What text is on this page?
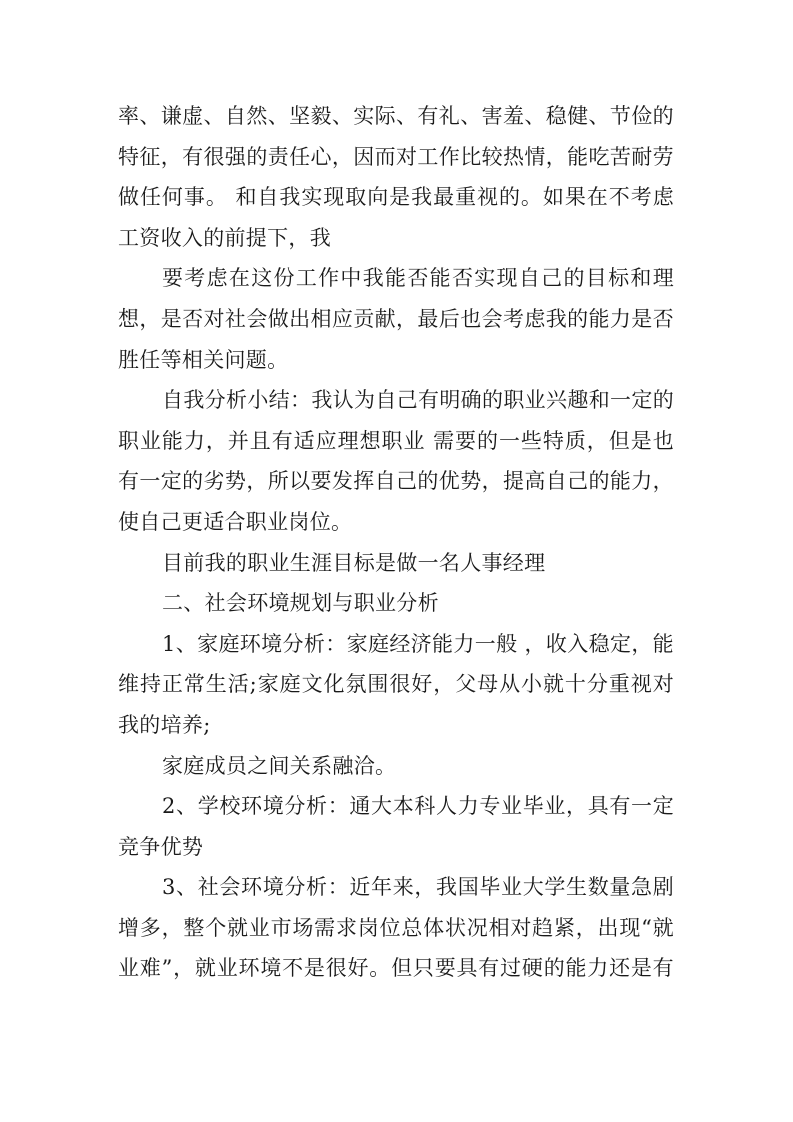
率、谦虚、自然、坚毅、实际、有礼、害羞、稳健、节俭的
特征，有很强的责任心，因而对工作比较热情，能吃苦耐劳
做任何事。 和自我实现取向是我最重视的。如果在不考虑
工资收入的前提下，我
要考虑在这份工作中我能否能否实现自己的目标和理
想，是否对社会做出相应贡献，最后也会考虑我的能力是否
胜任等相关问题。
自我分析小结：我认为自己有明确的职业兴趣和一定的
职业能力，并且有适应理想职业 需要的一些特质，但是也
有一定的劣势，所以要发挥自己的优势，提高自己的能力，
使自己更适合职业岗位。
目前我的职业生涯目标是做一名人事经理
二、社会环境规划与职业分析
1、家庭环境分析：家庭经济能力一般 ，收入稳定，能
维持正常生活;家庭文化氛围很好，父母从小就十分重视对
我的培养;
家庭成员之间关系融洽。
2、学校环境分析：通大本科人力专业毕业，具有一定
竞争优势
3、社会环境分析：近年来，我国毕业大学生数量急剧
增多，整个就业市场需求岗位总体状况相对趋紧，出现“就
业难”，就业环境不是很好。但只要具有过硬的能力还是有
